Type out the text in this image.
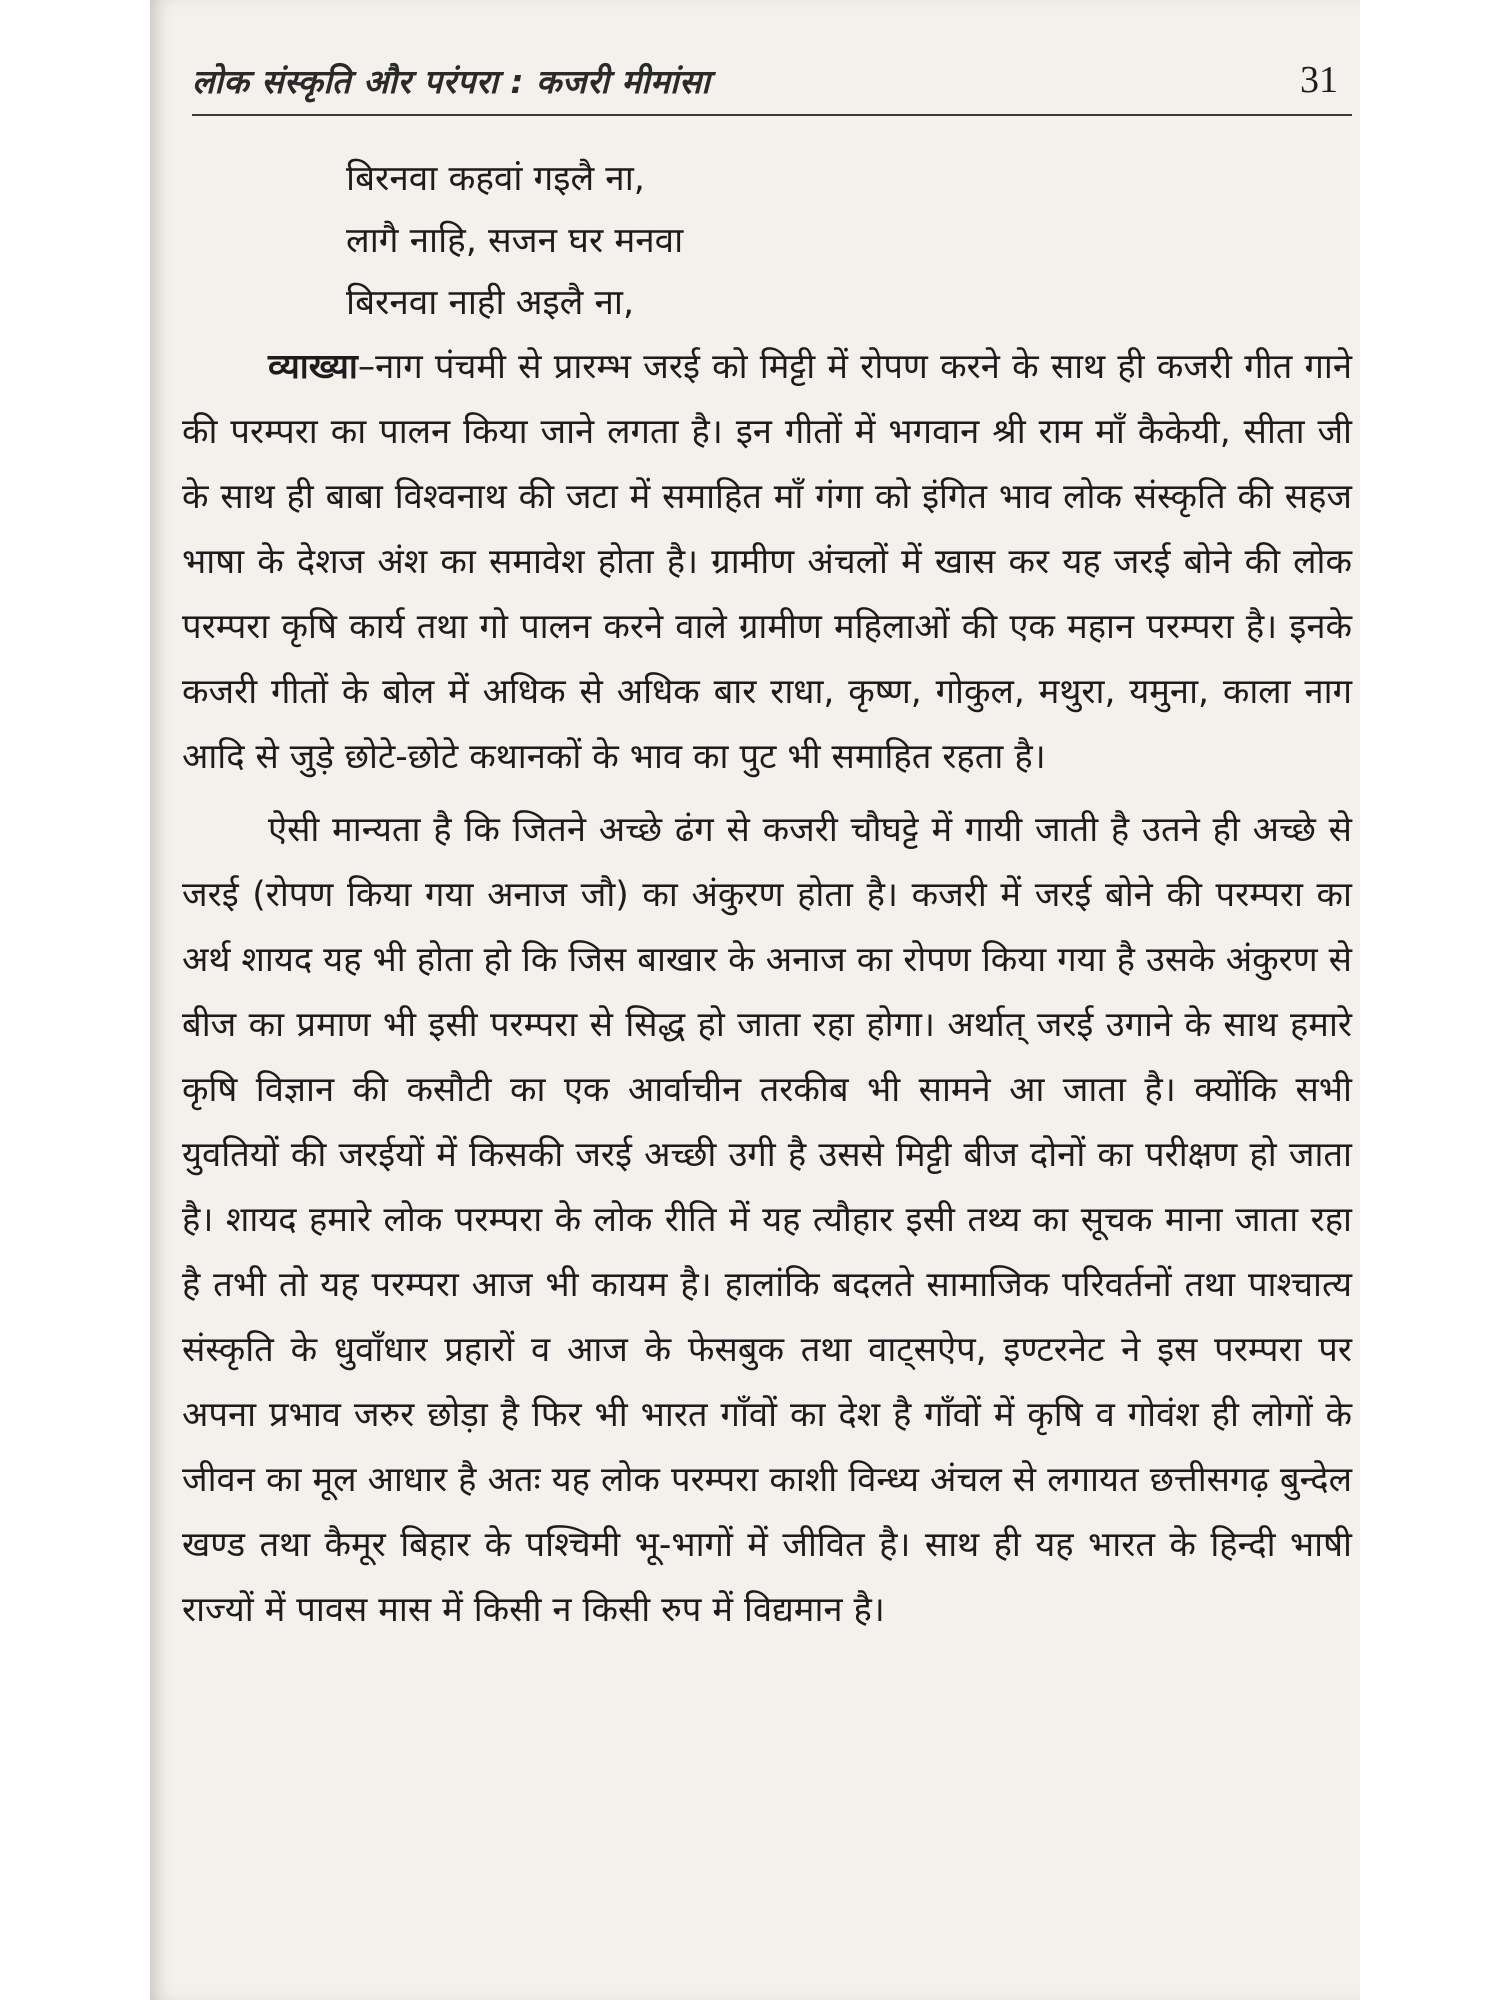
लोक संस्कृति और परंपरा : कजरी मीमांसा	31
बिरनवा कहवां गइलै ना,
लागै नाहि, सजन घर मनवा
बिरनवा नाही अइलै ना,

व्याख्या–नाग पंचमी से प्रारम्भ जरई को मिट्टी में रोपण करने के साथ ही कजरी गीत गाने की परम्परा का पालन किया जाने लगता है। इन गीतों में भगवान श्री राम माँ कैकेयी, सीता जी के साथ ही बाबा विश्वनाथ की जटा में समाहित माँ गंगा को इंगित भाव लोक संस्कृति की सहज भाषा के देशज अंश का समावेश होता है। ग्रामीण अंचलों में खास कर यह जरई बोने की लोक परम्परा कृषि कार्य तथा गो पालन करने वाले ग्रामीण महिलाओं की एक महान परम्परा है। इनके कजरी गीतों के बोल में अधिक से अधिक बार राधा, कृष्ण, गोकुल, मथुरा, यमुना, काला नाग आदि से जुड़े छोटे-छोटे कथानकों के भाव का पुट भी समाहित रहता है।

ऐसी मान्यता है कि जितने अच्छे ढंग से कजरी चौघट्टे में गायी जाती है उतने ही अच्छे से जरई (रोपण किया गया अनाज जौ) का अंकुरण होता है। कजरी में जरई बोने की परम्परा का अर्थ शायद यह भी होता हो कि जिस बाखार के अनाज का रोपण किया गया है उसके अंकुरण से बीज का प्रमाण भी इसी परम्परा से सिद्ध हो जाता रहा होगा। अर्थात् जरई उगाने के साथ हमारे कृषि विज्ञान की कसौटी का एक आर्वाचीन तरकीब भी सामने आ जाता है। क्योंकि सभी युवतियों की जरईयों में किसकी जरई अच्छी उगी है उससे मिट्टी बीज दोनों का परीक्षण हो जाता है। शायद हमारे लोक परम्परा के लोक रीति में यह त्यौहार इसी तथ्य का सूचक माना जाता रहा है तभी तो यह परम्परा आज भी कायम है। हालांकि बदलते सामाजिक परिवर्तनों तथा पाश्चात्य संस्कृति के धुवाँधार प्रहारों व आज के फेसबुक तथा वाट्सऐप, इण्टरनेट ने इस परम्परा पर अपना प्रभाव जरुर छोड़ा है फिर भी भारत गाँवों का देश है गाँवों में कृषि व गोवंश ही लोगों के जीवन का मूल आधार है अतः यह लोक परम्परा काशी विन्ध्य अंचल से लगायत छत्तीसगढ़ बुन्देल खण्ड तथा कैमूर बिहार के पश्चिमी भू-भागों में जीवित है। साथ ही यह भारत के हिन्दी भाषी राज्यों में पावस मास में किसी न किसी रुप में विद्यमान है।
